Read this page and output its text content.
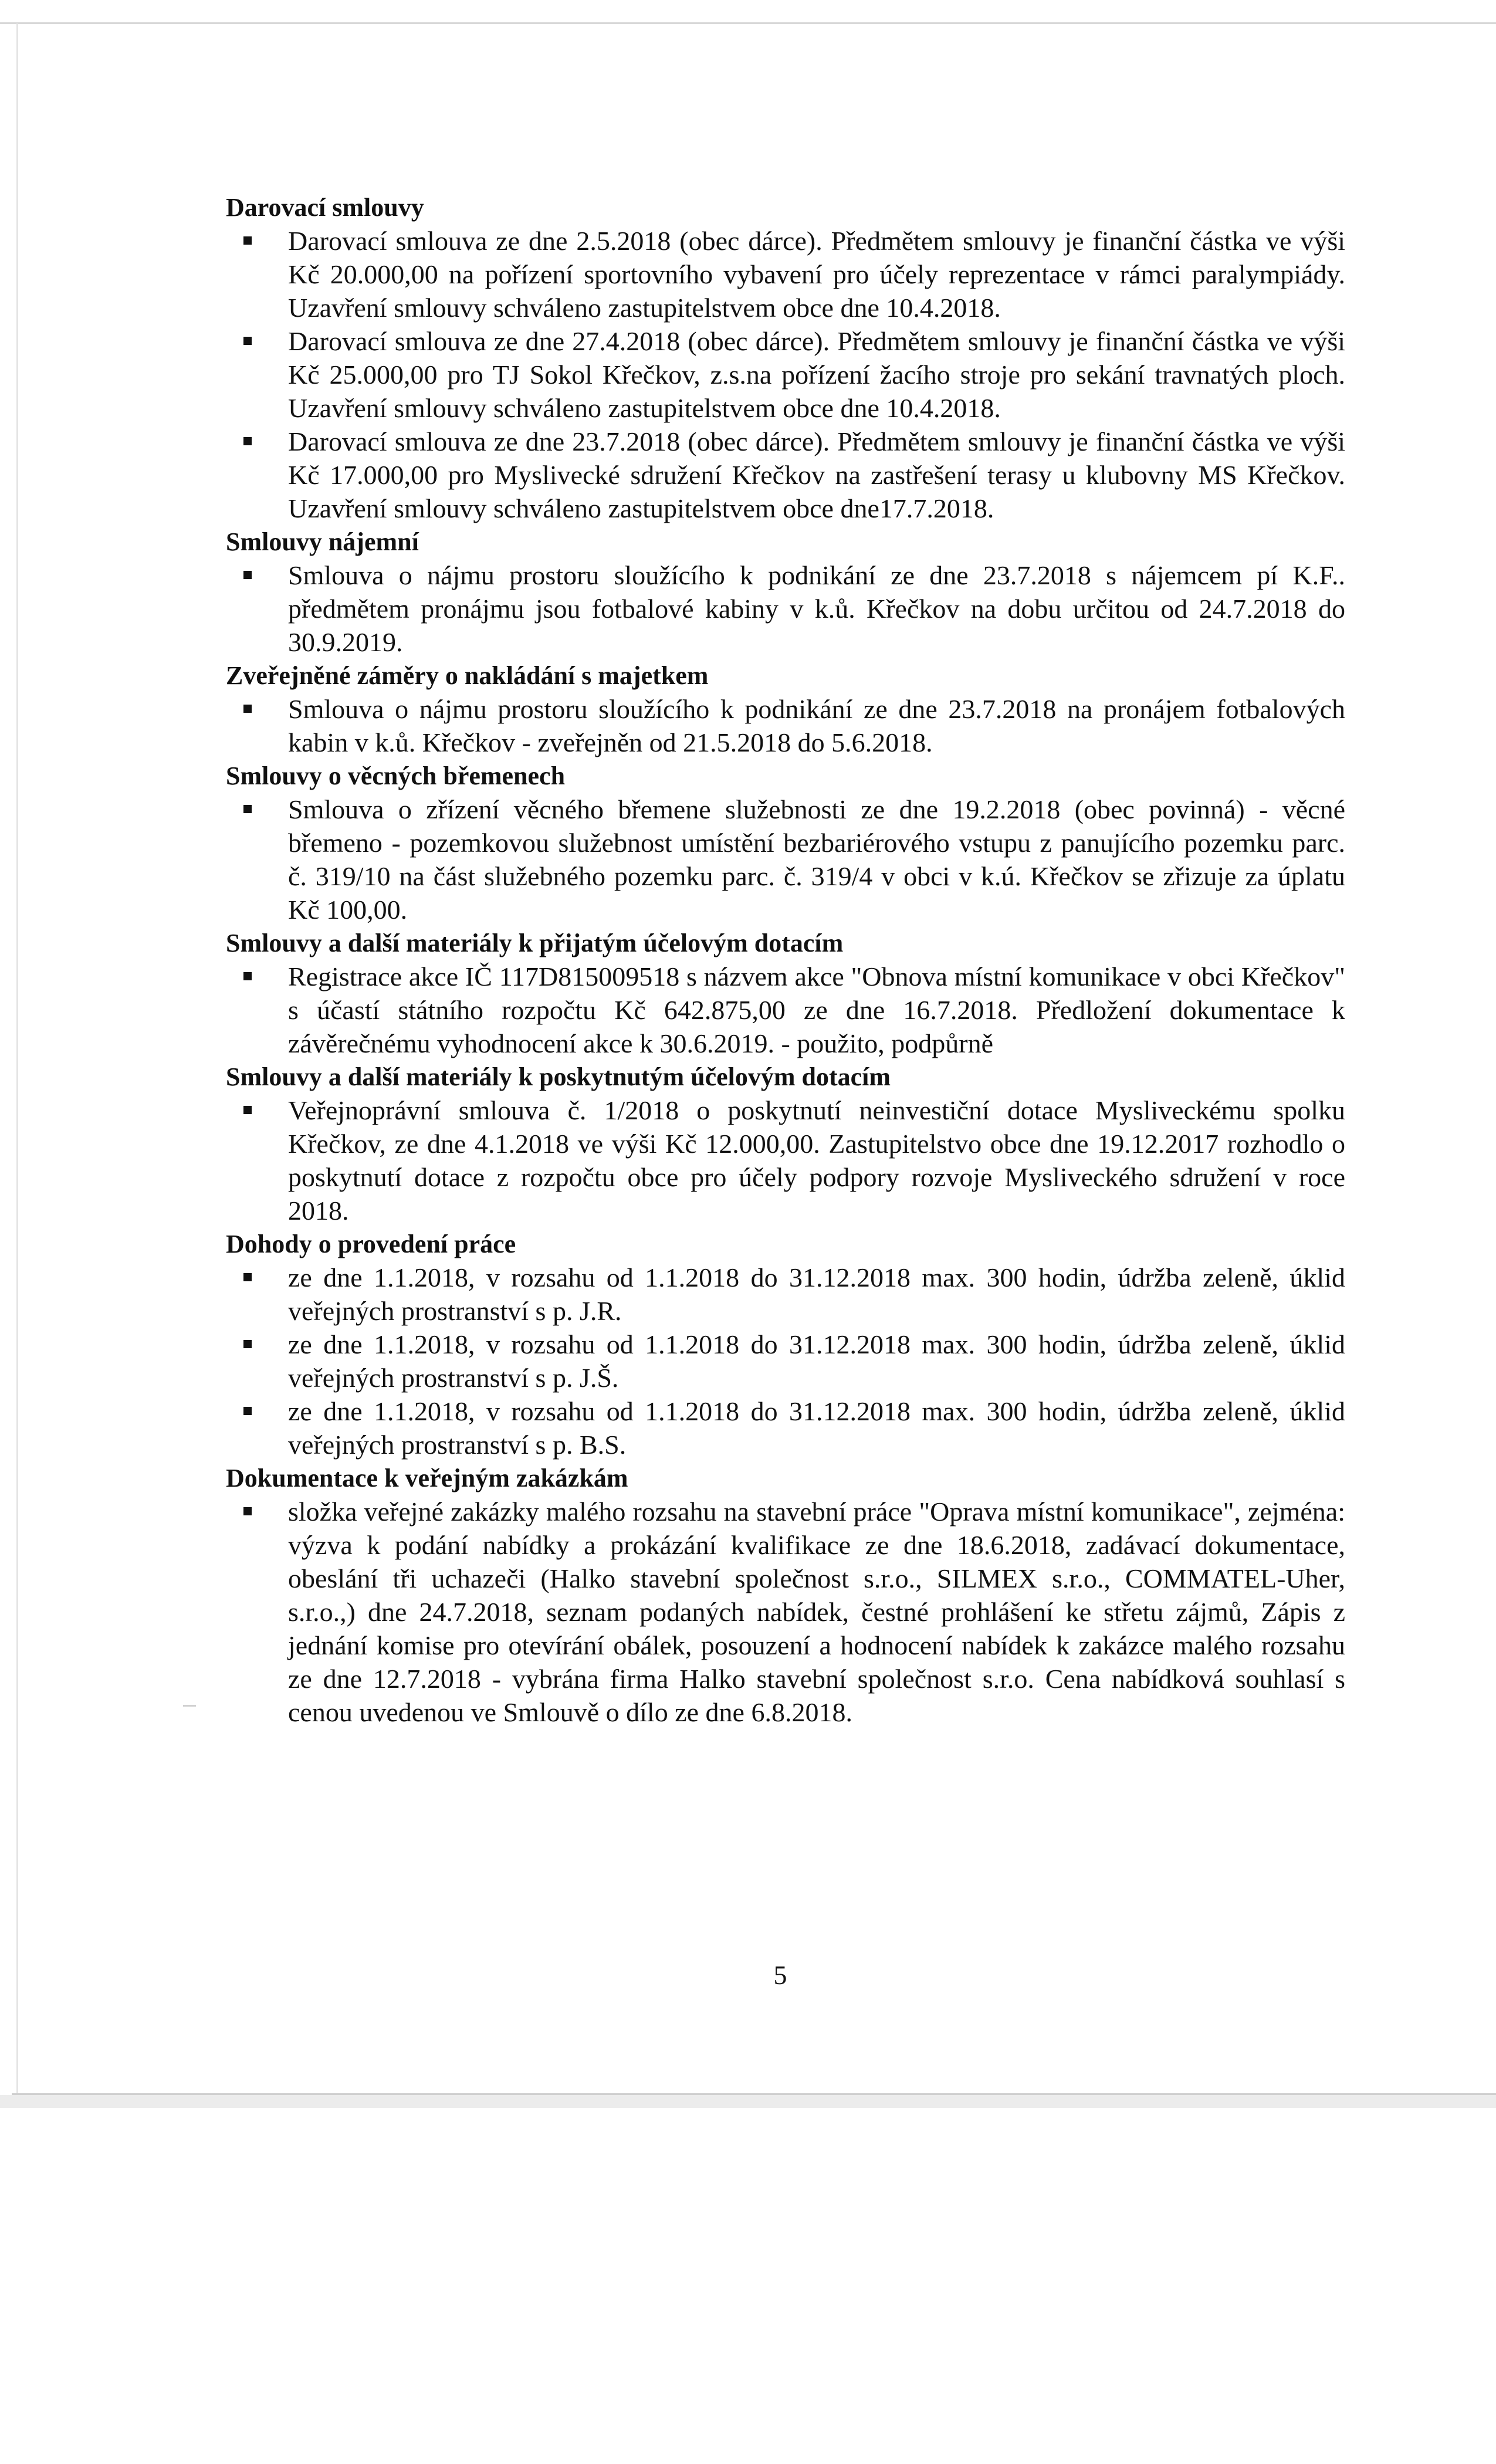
Darovací smlouvy
Darovací smlouva ze dne 2.5.2018 (obec dárce). Předmětem smlouvy je finanční částka ve výši Kč 20.000,00 na pořízení sportovního vybavení pro účely reprezentace v rámci paralympiády. Uzavření smlouvy schváleno zastupitelstvem obce dne 10.4.2018.
Darovací smlouva ze dne 27.4.2018 (obec dárce). Předmětem smlouvy je finanční částka ve výši Kč 25.000,00 pro TJ Sokol Křečkov, z.s.na pořízení žacího stroje pro sekání travnatých ploch. Uzavření smlouvy schváleno zastupitelstvem obce dne 10.4.2018.
Darovací smlouva ze dne 23.7.2018 (obec dárce). Předmětem smlouvy je finanční částka ve výši Kč 17.000,00 pro Myslivecké sdružení Křečkov na zastřešení terasy u klubovny MS Křečkov. Uzavření smlouvy schváleno zastupitelstvem obce dne17.7.2018.
Smlouvy nájemní
Smlouva o nájmu prostoru sloužícího k podnikání ze dne 23.7.2018 s nájemcem pí K.F.. předmětem pronájmu jsou fotbalové kabiny v k.ů. Křečkov na dobu určitou od 24.7.2018 do 30.9.2019.
Zveřejněné záměry o nakládání s majetkem
Smlouva o nájmu prostoru sloužícího k podnikání ze dne 23.7.2018 na pronájem fotbalových kabin v k.ů. Křečkov - zveřejněn od 21.5.2018 do 5.6.2018.
Smlouvy o věcných břemenech
Smlouva o zřízení věcného břemene služebnosti ze dne 19.2.2018 (obec povinná) - věcné břemeno - pozemkovou služebnost umístění bezbariérového vstupu z panujícího pozemku parc. č. 319/10 na část služebného pozemku parc. č. 319/4 v obci v k.ú. Křečkov se zřizuje za úplatu Kč 100,00.
Smlouvy a další materiály k přijatým účelovým dotacím
Registrace akce IČ 117D815009518 s názvem akce "Obnova místní komunikace v obci Křečkov" s účastí státního rozpočtu Kč 642.875,00 ze dne 16.7.2018. Předložení dokumentace k závěrečnému vyhodnocení akce k 30.6.2019. - použito, podpůrně
Smlouvy a další materiály k poskytnutým účelovým dotacím
Veřejnoprávní smlouva č. 1/2018 o poskytnutí neinvestiční dotace Mysliveckému spolku Křečkov, ze dne 4.1.2018 ve výši Kč 12.000,00. Zastupitelstvo obce dne 19.12.2017 rozhodlo o poskytnutí dotace z rozpočtu obce pro účely podpory rozvoje Mysliveckého sdružení v roce 2018.
Dohody o provedení práce
ze dne 1.1.2018, v rozsahu od 1.1.2018 do 31.12.2018 max. 300 hodin, údržba zeleně, úklid veřejných prostranství s p. J.R.
ze dne 1.1.2018, v rozsahu od 1.1.2018 do 31.12.2018 max. 300 hodin, údržba zeleně, úklid veřejných prostranství s p. J.Š.
ze dne 1.1.2018, v rozsahu od 1.1.2018 do 31.12.2018 max. 300 hodin, údržba zeleně, úklid veřejných prostranství s p. B.S.
Dokumentace k veřejným zakázkám
složka veřejné zakázky malého rozsahu na stavební práce "Oprava místní komunikace", zejména: výzva k podání nabídky a prokázání kvalifikace ze dne 18.6.2018, zadávací dokumentace, obeslání tři uchazeči (Halko stavební společnost s.r.o., SILMEX s.r.o., COMMATEL-Uher, s.r.o.,) dne 24.7.2018, seznam podaných nabídek, čestné prohlášení ke střetu zájmů, Zápis z jednání komise pro otevírání obálek, posouzení a hodnocení nabídek k zakázce malého rozsahu ze dne 12.7.2018 - vybrána firma Halko stavební společnost s.r.o. Cena nabídková souhlasí s cenou uvedenou ve Smlouvě o dílo ze dne 6.8.2018.
5
